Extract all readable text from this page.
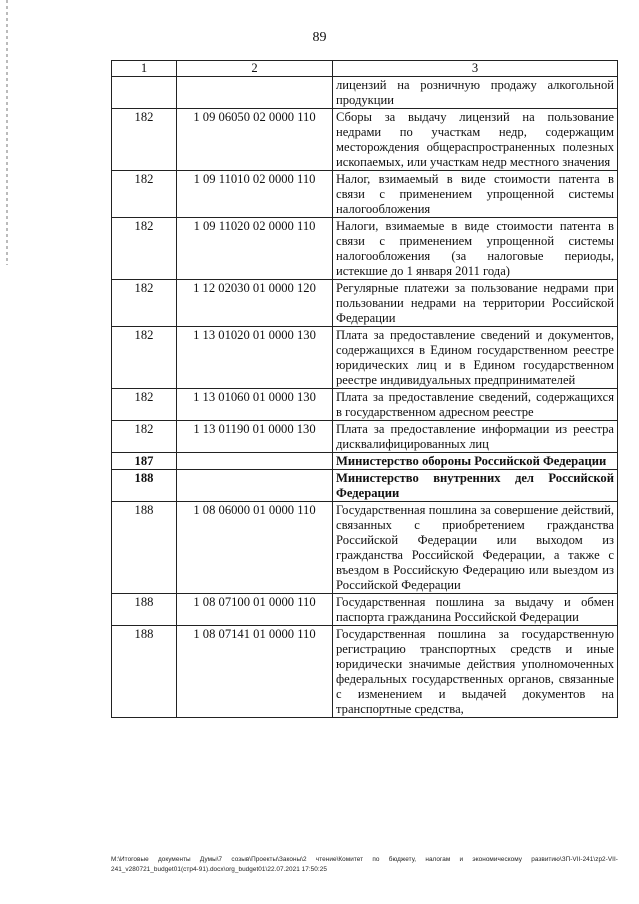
89
1	2	3
		лицензий на розничную продажу алкогольной продукции
182	1 09 06050 02 0000 110	Сборы за выдачу лицензий на пользование недрами по участкам недр, содержащим месторождения общераспространенных полезных ископаемых, или участкам недр местного значения
182	1 09 11010 02 0000 110	Налог, взимаемый в виде стоимости патента в связи с применением упрощенной системы налогообложения
182	1 09 11020 02 0000 110	Налоги, взимаемые в виде стоимости патента в связи с применением упрощенной системы налогообложения (за налоговые периоды, истекшие до 1 января 2011 года)
182	1 12 02030 01 0000 120	Регулярные платежи за пользование недрами при пользовании недрами на территории Российской Федерации
182	1 13 01020 01 0000 130	Плата за предоставление сведений и документов, содержащихся в Едином государственном реестре юридических лиц и в Едином государственном реестре индивидуальных предпринимателей
182	1 13 01060 01 0000 130	Плата за предоставление сведений, содержащихся в государственном адресном реестре
182	1 13 01190 01 0000 130	Плата за предоставление информации из реестра дисквалифицированных лиц
187		Министерство обороны Российской Федерации
188		Министерство внутренних дел Российской Федерации
188	1 08 06000 01 0000 110	Государственная пошлина за совершение действий, связанных с приобретением гражданства Российской Федерации или выходом из гражданства Российской Федерации, а также с въездом в Российскую Федерацию или выездом из Российской Федерации
188	1 08 07100 01 0000 110	Государственная пошлина за выдачу и обмен паспорта гражданина Российской Федерации
188	1 08 07141 01 0000 110	Государственная пошлина за государственную регистрацию транспортных средств и иные юридически значимые действия уполномоченных федеральных государственных органов, связанные с изменением и выдачей документов на транспортные средства,
М:\Итоговые документы Думы\7 созыв\Проекты\Законы\2 чтение\Комитет по бюджету, налогам и экономическому развитию\ЗП-VII-241\zp2-VII-241_v280721_budget01(стр4-91).docx\org_budget01\22.07.2021 17:50:25
